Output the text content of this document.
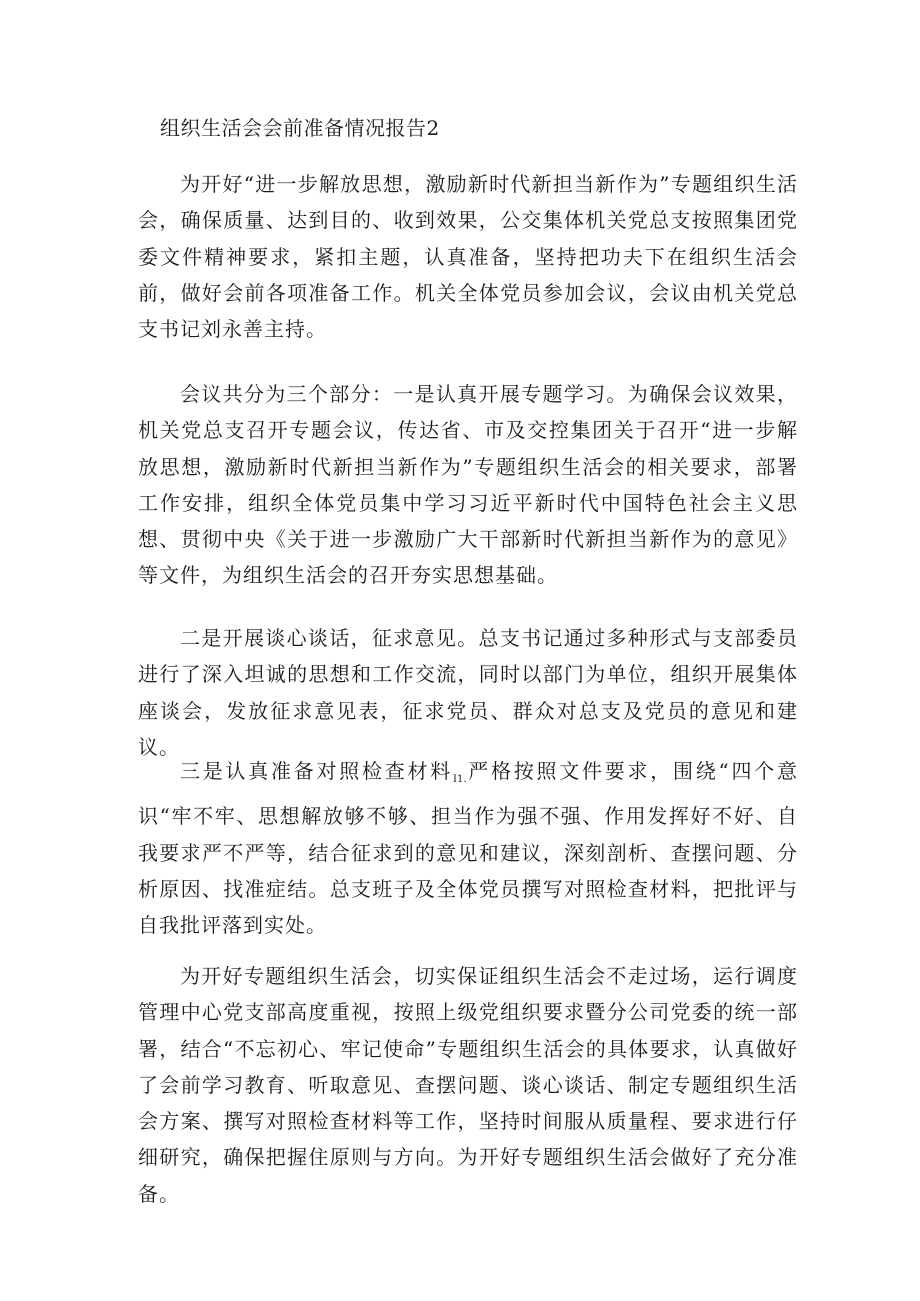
组织生活会会前准备情况报告2

为开好“进一步解放思想，激励新时代新担当新作为”专题组织生活会，确保质量、达到目的、收到效果，公交集体机关党总支按照集团党委文件精神要求，紧扣主题，认真准备，坚持把功夫下在组织生活会前，做好会前各项准备工作。机关全体党员参加会议，会议由机关党总支书记刘永善主持。

会议共分为三个部分：一是认真开展专题学习。为确保会议效果，机关党总支召开专题会议，传达省、市及交控集团关于召开“进一步解放思想，激励新时代新担当新作为”专题组织生活会的相关要求，部署工作安排，组织全体党员集中学习习近平新时代中国特色社会主义思想、贯彻中央《关于进一步激励广大干部新时代新担当新作为的意见》等文件，为组织生活会的召开夯实思想基础。

二是开展谈心谈话，征求意见。总支书记通过多种形式与支部委员进行了深入坦诚的思想和工作交流，同时以部门为单位，组织开展集体座谈会，发放征求意见表，征求党员、群众对总支及党员的意见和建议。

三是认真准备对照检查材料$_{I1.}$严格按照文件要求，围绕“四个意识“牢不牢、思想解放够不够、担当作为强不强、作用发挥好不好、自我要求严不严等，结合征求到的意见和建议，深刻剖析、查摆问题、分析原因、找准症结。总支班子及全体党员撰写对照检查材料，把批评与自我批评落到实处。

为开好专题组织生活会，切实保证组织生活会不走过场，运行调度管理中心党支部高度重视，按照上级党组织要求暨分公司党委的统一部署，结合“不忘初心、牢记使命”专题组织生活会的具体要求，认真做好了会前学习教育、听取意见、查摆问题、谈心谈话、制定专题组织生活会方案、撰写对照检查材料等工作，坚持时间服从质量程、要求进行仔细研究，确保把握住原则与方向。为开好专题组织生活会做好了充分准备。
